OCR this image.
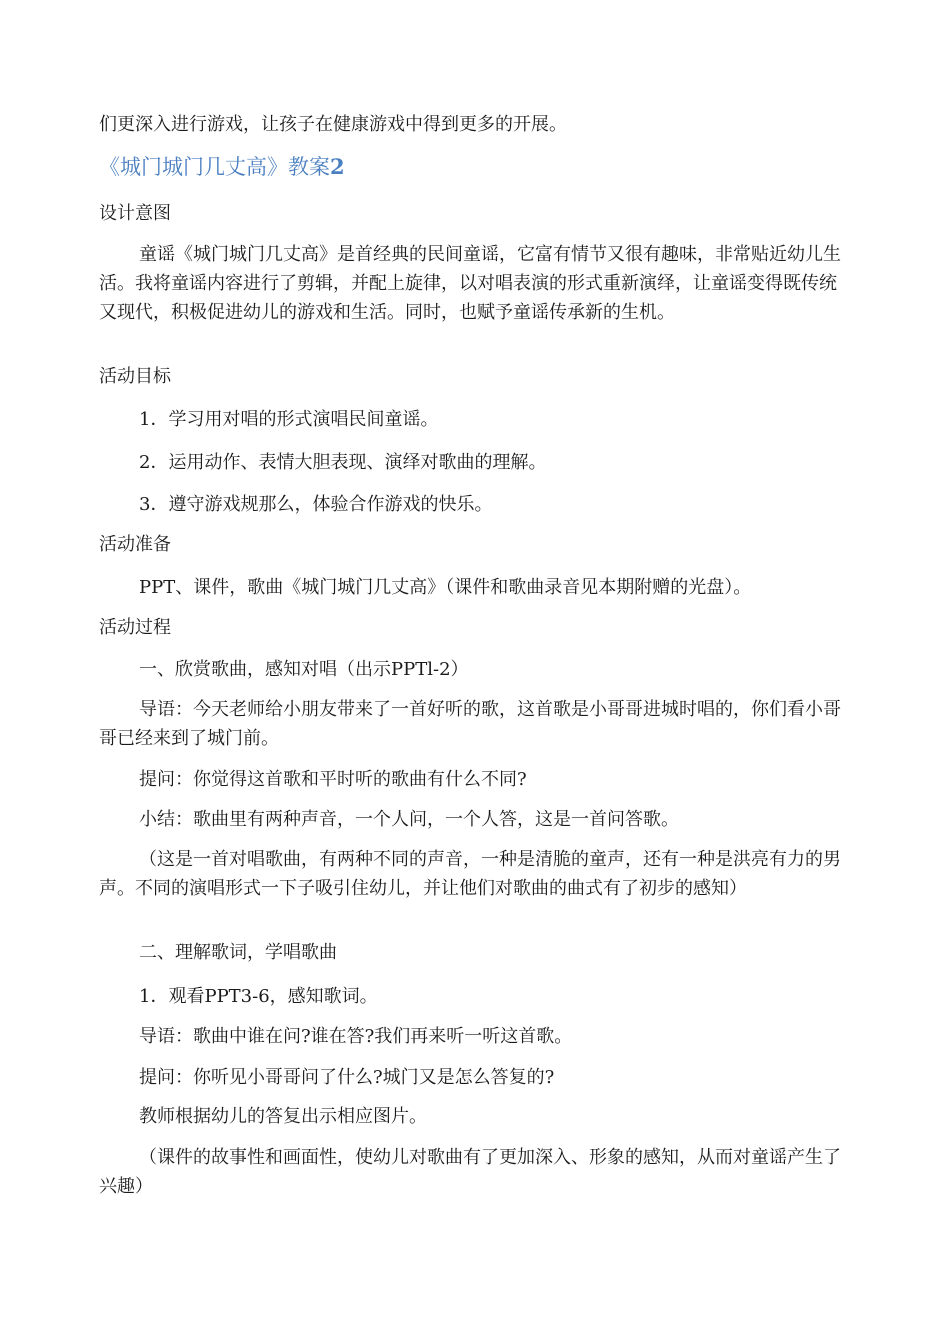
们更深入进行游戏，让孩子在健康游戏中得到更多的开展。

《城门城门几丈高》教案2

设计意图

童谣《城门城门几丈高》是首经典的民间童谣，它富有情节又很有趣味，非常贴近幼儿生活。我将童谣内容进行了剪辑，并配上旋律，以对唱表演的形式重新演绎，让童谣变得既传统又现代，积极促进幼儿的游戏和生活。同时，也赋予童谣传承新的生机。

活动目标

1．学习用对唱的形式演唱民间童谣。

2．运用动作、表情大胆表现、演绎对歌曲的理解。

3．遵守游戏规那么，体验合作游戏的快乐。

活动准备

PPT、课件，歌曲《城门城门几丈高》（课件和歌曲录音见本期附赠的光盘）。

活动过程

一、欣赏歌曲，感知对唱（出示PPTl-2）

导语：今天老师给小朋友带来了一首好听的歌，这首歌是小哥哥进城时唱的，你们看小哥哥已经来到了城门前。

提问：你觉得这首歌和平时听的歌曲有什么不同?

小结：歌曲里有两种声音，一个人问，一个人答，这是一首问答歌。

（这是一首对唱歌曲，有两种不同的声音，一种是清脆的童声，还有一种是洪亮有力的男声。不同的演唱形式一下子吸引住幼儿，并让他们对歌曲的曲式有了初步的感知）

二、理解歌词，学唱歌曲

1．观看PPT3-6，感知歌词。

导语：歌曲中谁在问?谁在答?我们再来听一听这首歌。

提问：你听见小哥哥问了什么?城门又是怎么答复的?

教师根据幼儿的答复出示相应图片。

（课件的故事性和画面性，使幼儿对歌曲有了更加深入、形象的感知，从而对童谣产生了兴趣）
